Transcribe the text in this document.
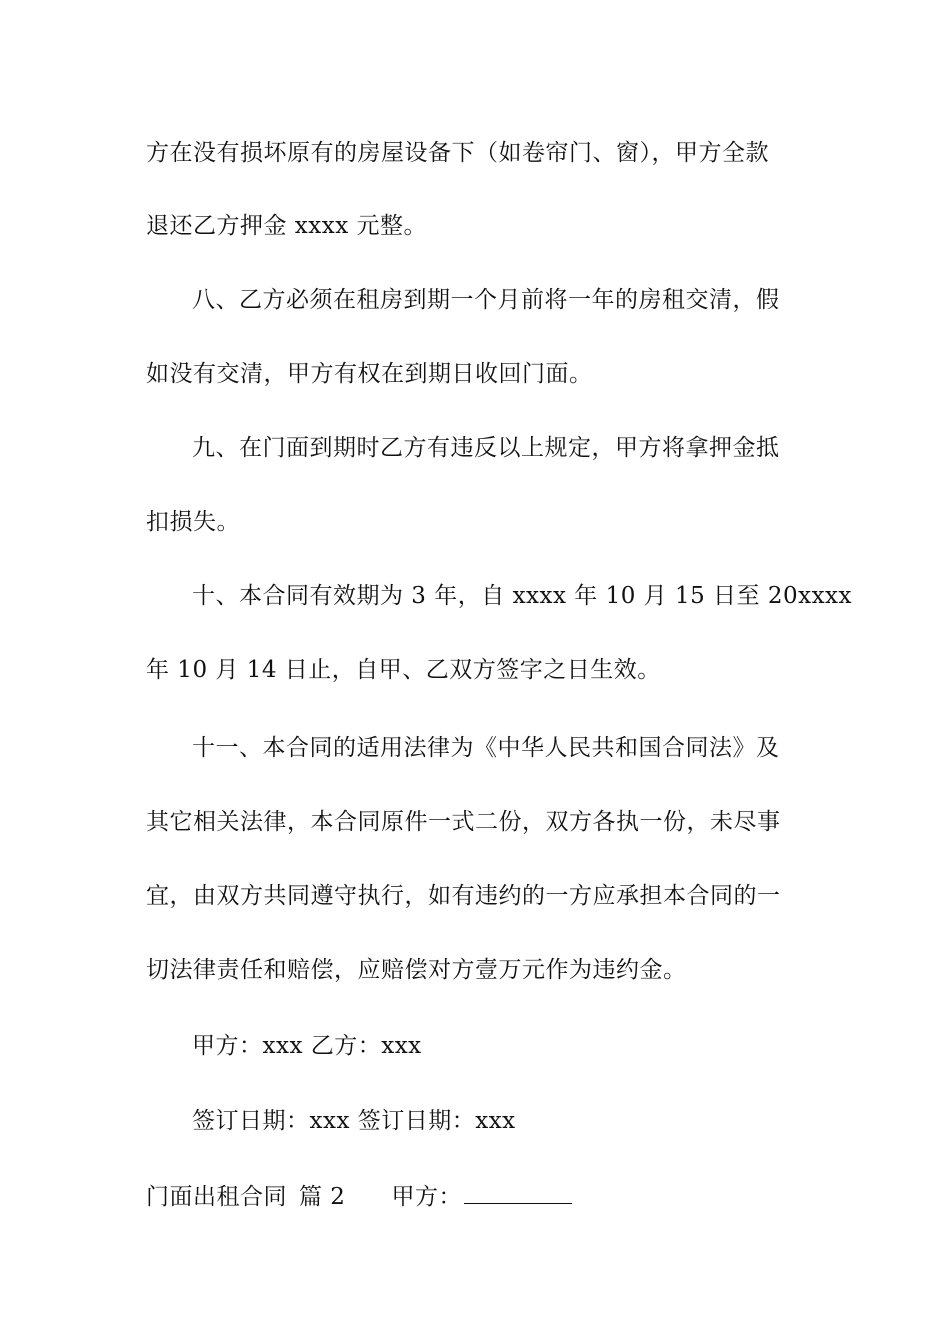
方在没有损坏原有的房屋设备下（如卷帘门、窗），甲方全款
退还乙方押金 xxxx 元整。
八、乙方必须在租房到期一个月前将一年的房租交清，假
如没有交清，甲方有权在到期日收回门面。
九、在门面到期时乙方有违反以上规定，甲方将拿押金抵
扣损失。
十、本合同有效期为 3 年，自 xxxx 年 10 月 15 日至 20xxxx
年 10 月 14 日止，自甲、乙双方签字之日生效。
十一、本合同的适用法律为《中华人民共和国合同法》及
其它相关法律，本合同原件一式二份，双方各执一份，未尽事
宜，由双方共同遵守执行，如有违约的一方应承担本合同的一
切法律责任和赔偿，应赔偿对方壹万元作为违约金。
甲方：xxx 乙方：xxx
签订日期：xxx 签订日期：xxx
门面出租合同 篇 2 甲方：
